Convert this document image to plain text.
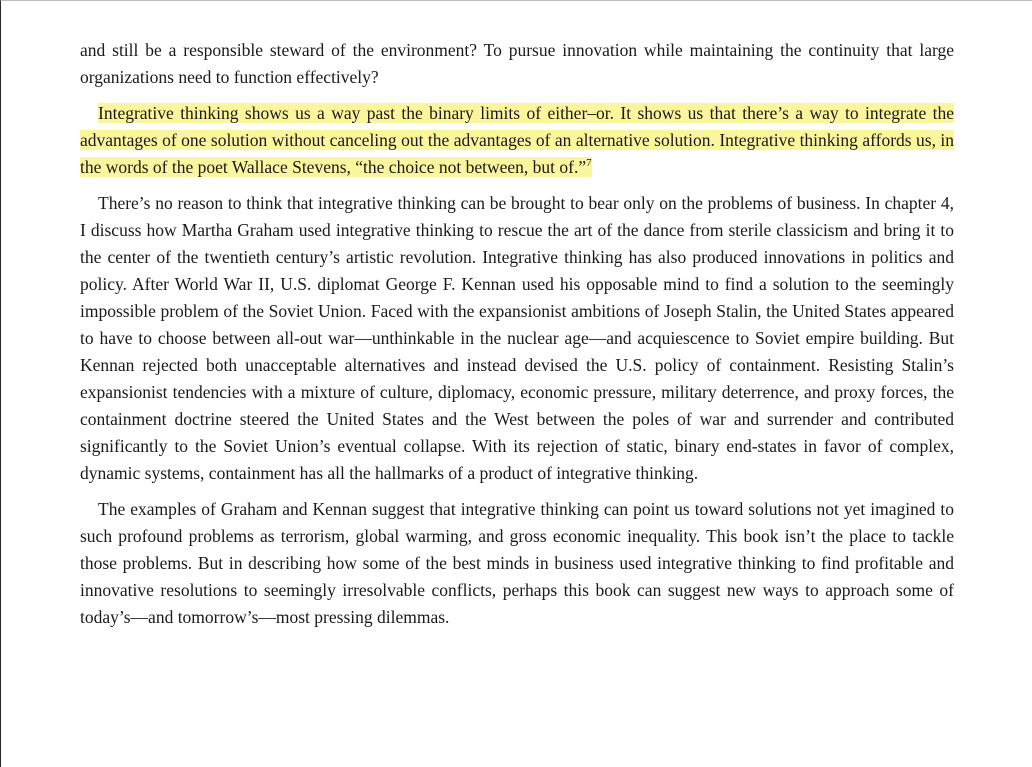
and still be a responsible steward of the environment? To pursue innovation while maintaining the continuity that large organizations need to function effectively?

Integrative thinking shows us a way past the binary limits of either–or. It shows us that there’s a way to integrate the advantages of one solution without canceling out the advantages of an alternative solution. Integrative thinking affords us, in the words of the poet Wallace Stevens, “the choice not between, but of.”$^7$

There’s no reason to think that integrative thinking can be brought to bear only on the problems of business. In chapter 4, I discuss how Martha Graham used integrative thinking to rescue the art of the dance from sterile classicism and bring it to the center of the twentieth century’s artistic revolution. Integrative thinking has also produced innovations in politics and policy. After World War II, U.S. diplomat George F. Kennan used his opposable mind to find a solution to the seemingly impossible problem of the Soviet Union. Faced with the expansionist ambitions of Joseph Stalin, the United States appeared to have to choose between all-out war—unthinkable in the nuclear age—and acquiescence to Soviet empire building. But Kennan rejected both unacceptable alternatives and instead devised the U.S. policy of containment. Resisting Stalin’s expansionist tendencies with a mixture of culture, diplomacy, economic pressure, military deterrence, and proxy forces, the containment doctrine steered the United States and the West between the poles of war and surrender and contributed significantly to the Soviet Union’s eventual collapse. With its rejection of static, binary end-states in favor of complex, dynamic systems, containment has all the hallmarks of a product of integrative thinking.

The examples of Graham and Kennan suggest that integrative thinking can point us toward solutions not yet imagined to such profound problems as terrorism, global warming, and gross economic inequality. This book isn’t the place to tackle those problems. But in describing how some of the best minds in business used integrative thinking to find profitable and innovative resolutions to seemingly irresolvable conflicts, perhaps this book can suggest new ways to approach some of today’s—and tomorrow’s—most pressing dilemmas.
